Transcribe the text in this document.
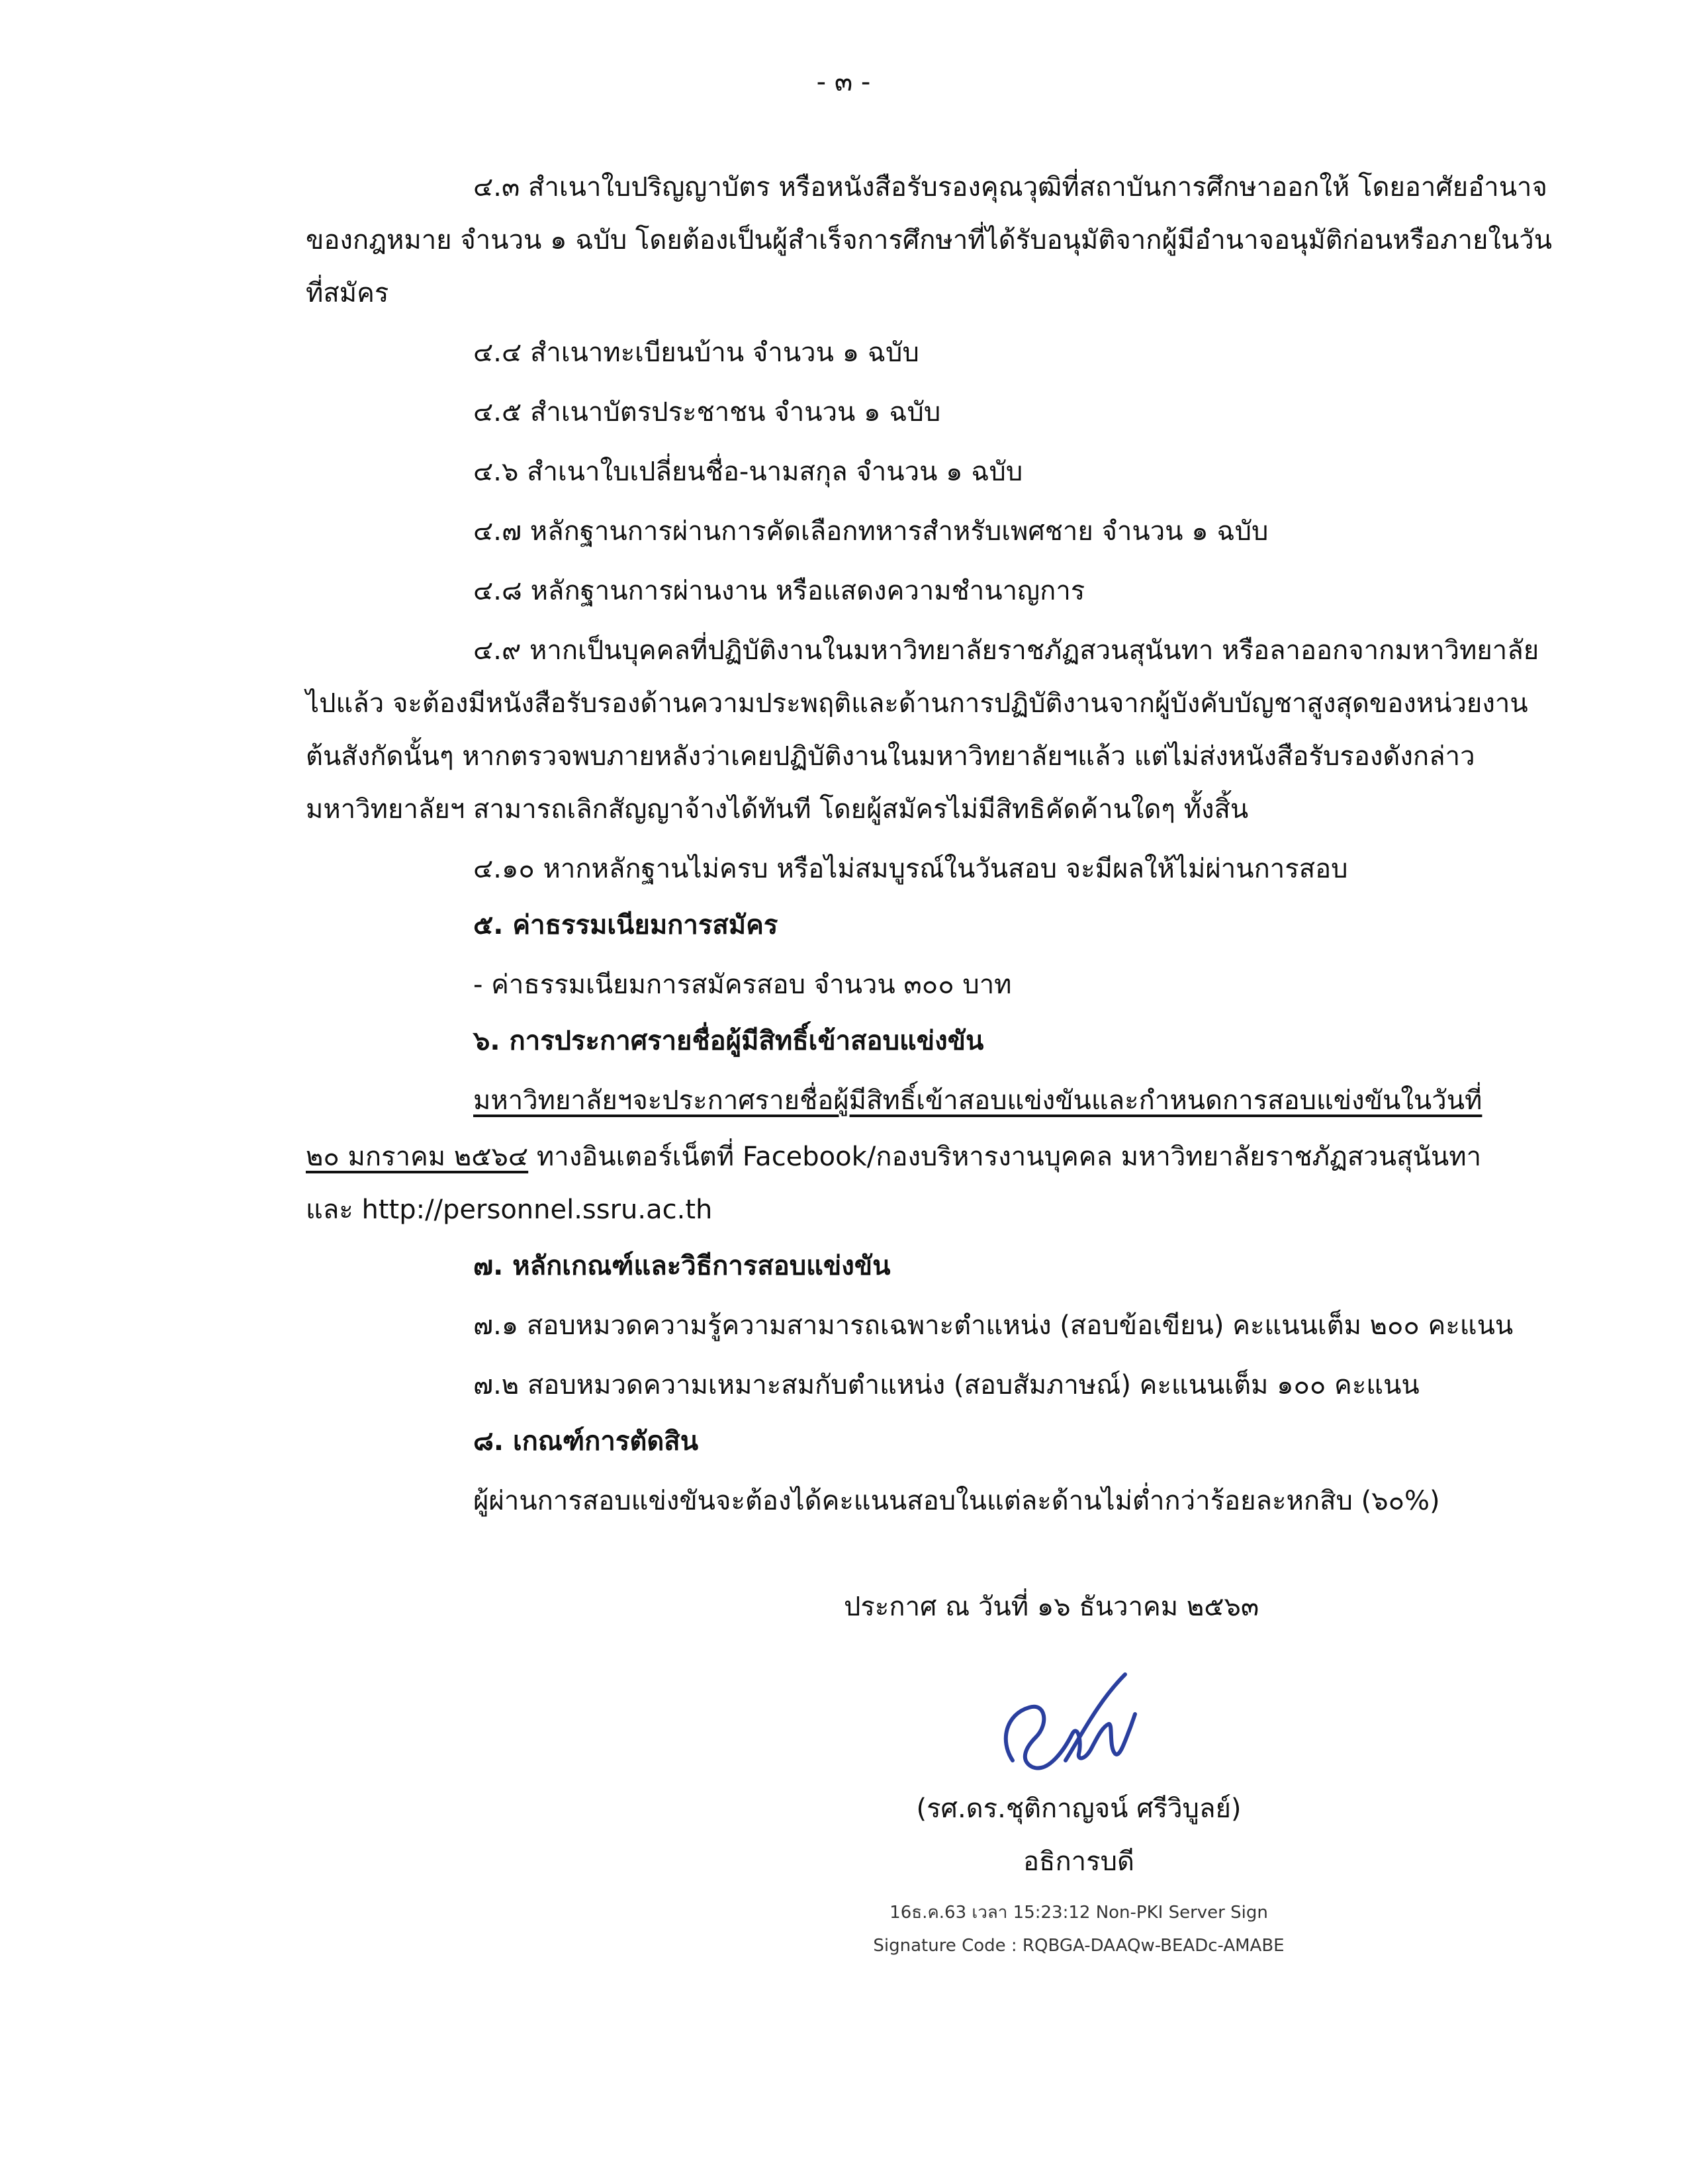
- ๓ -
๔.๓ สำเนาใบปริญญาบัตร หรือหนังสือรับรองคุณวุฒิที่สถาบันการศึกษาออกให้ โดยอาศัยอำนาจ
ของกฎหมาย จำนวน ๑ ฉบับ โดยต้องเป็นผู้สำเร็จการศึกษาที่ได้รับอนุมัติจากผู้มีอำนาจอนุมัติก่อนหรือภายในวัน
ที่สมัคร
๔.๔ สำเนาทะเบียนบ้าน จำนวน ๑ ฉบับ
๔.๕ สำเนาบัตรประชาชน จำนวน ๑ ฉบับ
๔.๖ สำเนาใบเปลี่ยนชื่อ-นามสกุล จำนวน ๑ ฉบับ
๔.๗ หลักฐานการผ่านการคัดเลือกทหารสำหรับเพศชาย จำนวน ๑ ฉบับ
๔.๘ หลักฐานการผ่านงาน หรือแสดงความชำนาญการ
๔.๙ หากเป็นบุคคลที่ปฏิบัติงานในมหาวิทยาลัยราชภัฏสวนสุนันทา หรือลาออกจากมหาวิทยาลัย
ไปแล้ว จะต้องมีหนังสือรับรองด้านความประพฤติและด้านการปฏิบัติงานจากผู้บังคับบัญชาสูงสุดของหน่วยงาน
ต้นสังกัดนั้นๆ หากตรวจพบภายหลังว่าเคยปฏิบัติงานในมหาวิทยาลัยฯแล้ว แต่ไม่ส่งหนังสือรับรองดังกล่าว
มหาวิทยาลัยฯ สามารถเลิกสัญญาจ้างได้ทันที โดยผู้สมัครไม่มีสิทธิคัดค้านใดๆ ทั้งสิ้น
๔.๑๐ หากหลักฐานไม่ครบ หรือไม่สมบูรณ์ในวันสอบ จะมีผลให้ไม่ผ่านการสอบ
๕. ค่าธรรมเนียมการสมัคร
- ค่าธรรมเนียมการสมัครสอบ จำนวน ๓๐๐ บาท
๖. การประกาศรายชื่อผู้มีสิทธิ์เข้าสอบแข่งขัน
มหาวิทยาลัยฯจะประกาศรายชื่อผู้มีสิทธิ์เข้าสอบแข่งขันและกำหนดการสอบแข่งขันในวันที่
๒๐ มกราคม ๒๕๖๔ ทางอินเตอร์เน็ตที่ Facebook/กองบริหารงานบุคคล มหาวิทยาลัยราชภัฏสวนสุนันทา
และ http://personnel.ssru.ac.th
๗. หลักเกณฑ์และวิธีการสอบแข่งขัน
๗.๑ สอบหมวดความรู้ความสามารถเฉพาะตำแหน่ง (สอบข้อเขียน) คะแนนเต็ม ๒๐๐ คะแนน
๗.๒ สอบหมวดความเหมาะสมกับตำแหน่ง (สอบสัมภาษณ์) คะแนนเต็ม ๑๐๐ คะแนน
๘. เกณฑ์การตัดสิน
ผู้ผ่านการสอบแข่งขันจะต้องได้คะแนนสอบในแต่ละด้านไม่ต่ำกว่าร้อยละหกสิบ (๖๐%)
ประกาศ ณ วันที่ ๑๖ ธันวาคม ๒๕๖๓
(รศ.ดร.ชุติกาญจน์ ศรีวิบูลย์)
อธิการบดี
16ธ.ค.63 เวลา 15:23:12 Non-PKI Server Sign
Signature Code : RQBGA-DAAQw-BEADc-AMABE
